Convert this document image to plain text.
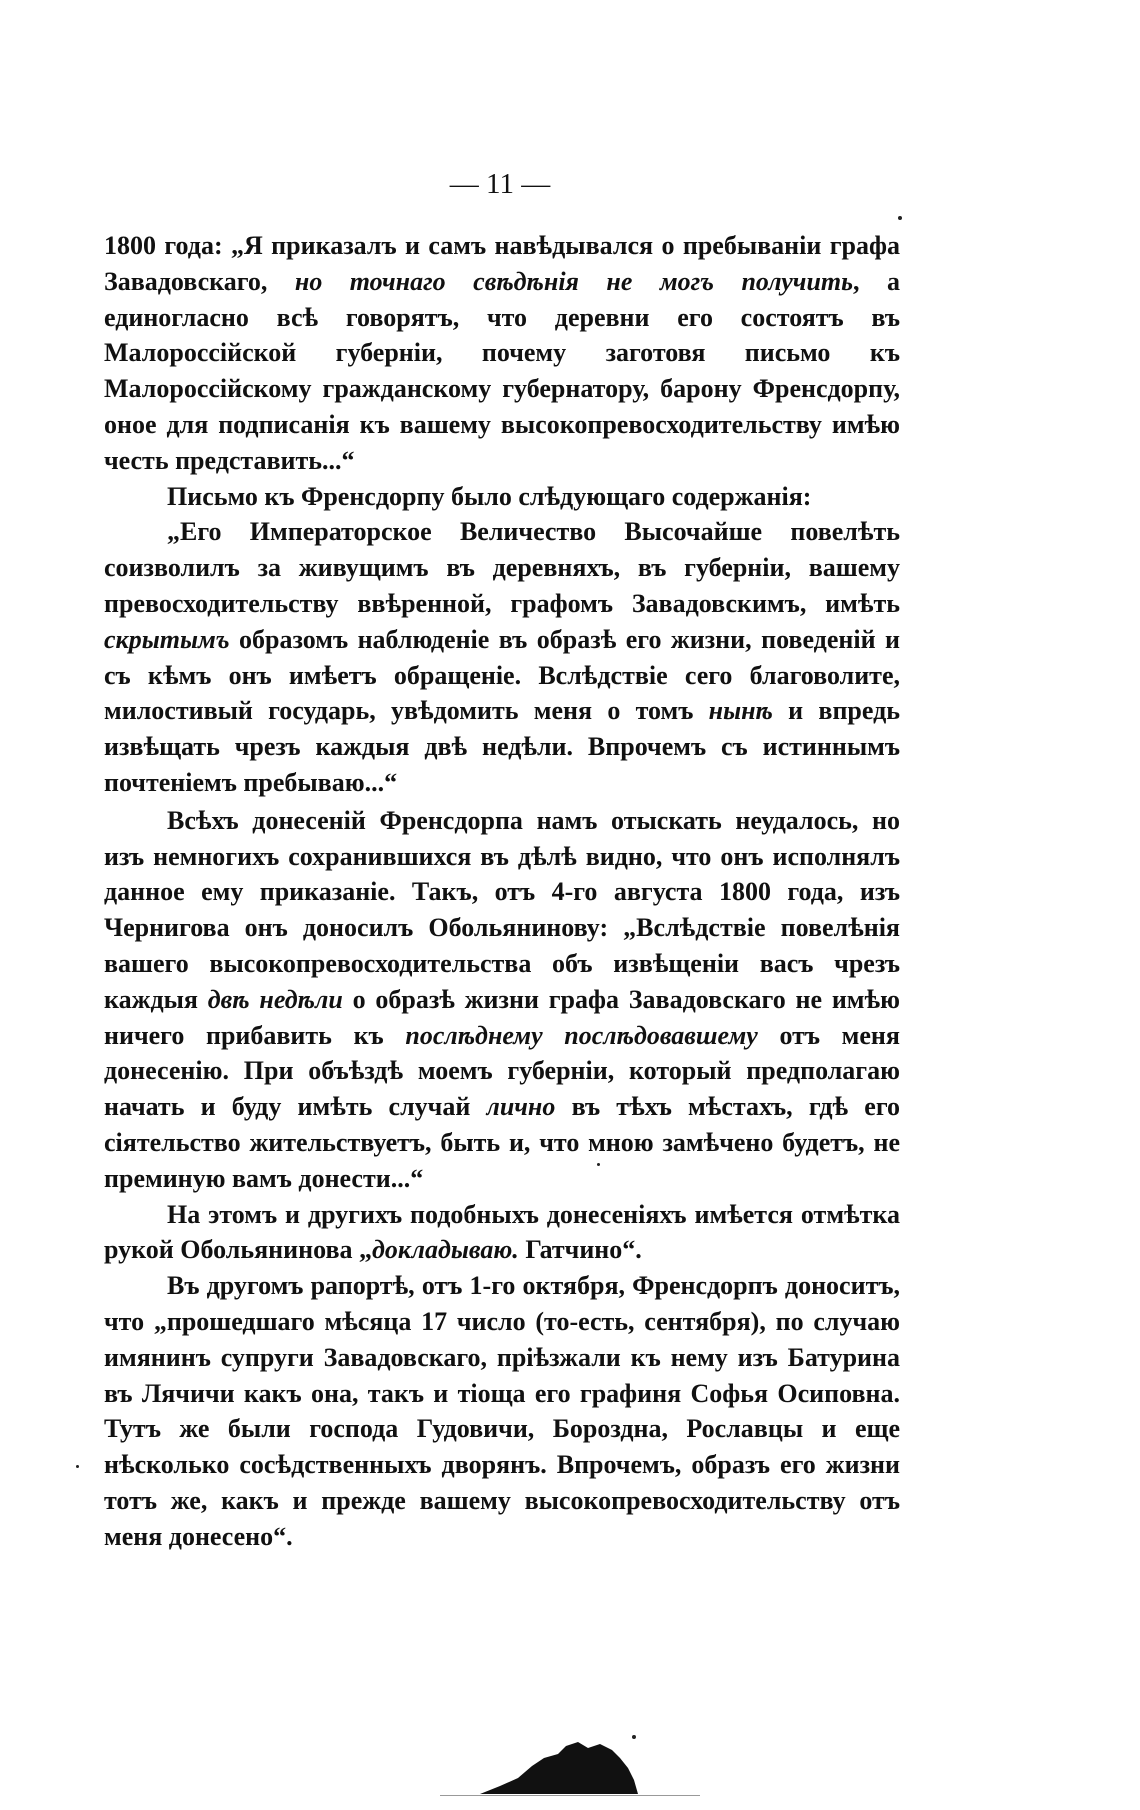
— 11 —

1800 года: „Я приказалъ и самъ навѣдывался о пребываніи графа Завадовскаго, но точнаго свѣдѣнія не могъ получить, а единогласно всѣ говорятъ, что деревни его состоятъ въ Малороссійской губерніи, почему заготовя письмо къ Малороссійскому гражданскому губернатору, барону Френсдорпу, оное для подписанія къ вашему высокопревосходительству имѣю честь представить...“

Письмо къ Френсдорпу было слѣдующаго содержанія:

„Его Императорское Величество Высочайше повелѣть соизволилъ за живущимъ въ деревняхъ, въ губерніи, вашему превосходительству ввѣренной, графомъ Завадовскимъ, имѣть скрытымъ образомъ наблюденіе въ образѣ его жизни, поведеній и съ кѣмъ онъ имѣетъ обращеніе. Вслѣдствіе сего благоволите, милостивый государь, увѣдомить меня о томъ нынѣ и впредь извѣщать чрезъ каждыя двѣ недѣли. Впрочемъ съ истиннымъ почтеніемъ пребываю...“

Всѣхъ донесеній Френсдорпа намъ отыскать неудалось, но изъ немногихъ сохранившихся въ дѣлѣ видно, что онъ исполнялъ данное ему приказаніе. Такъ, отъ 4-го августа 1800 года, изъ Чернигова онъ доносилъ Обольянинову: „Вслѣдствіе повелѣнія вашего высокопревосходительства объ извѣщеніи васъ чрезъ каждыя двѣ недѣли о образѣ жизни графа Завадовскаго не имѣю ничего прибавить къ послѣднему послѣдовавшему отъ меня донесенію. При объѣздѣ моемъ губерніи, который предполагаю начать и буду имѣть случай лично въ тѣхъ мѣстахъ, гдѣ его сіятельство жительствуетъ, быть и, что мною замѣчено будетъ, не преминую вамъ донести...“

На этомъ и другихъ подобныхъ донесеніяхъ имѣется отмѣтка рукой Обольянинова „докладываю. Гатчино“.

Въ другомъ рапортѣ, отъ 1-го октября, Френсдорпъ доноситъ, что „прошедшаго мѣсяца 17 число (то-есть, сентября), по случаю имянинъ супруги Завадовскаго, пріѣзжали къ нему изъ Батурина въ Лячичи какъ она, такъ и тіоща его графиня Софья Осиповна. Тутъ же были господа Гудовичи, Борозднa, Рославцы и еще нѣсколько сосѣдственныхъ дворянъ. Впрочемъ, образъ его жизни тотъ же, какъ и прежде вашему высокопревосходительству отъ меня донесено“.
